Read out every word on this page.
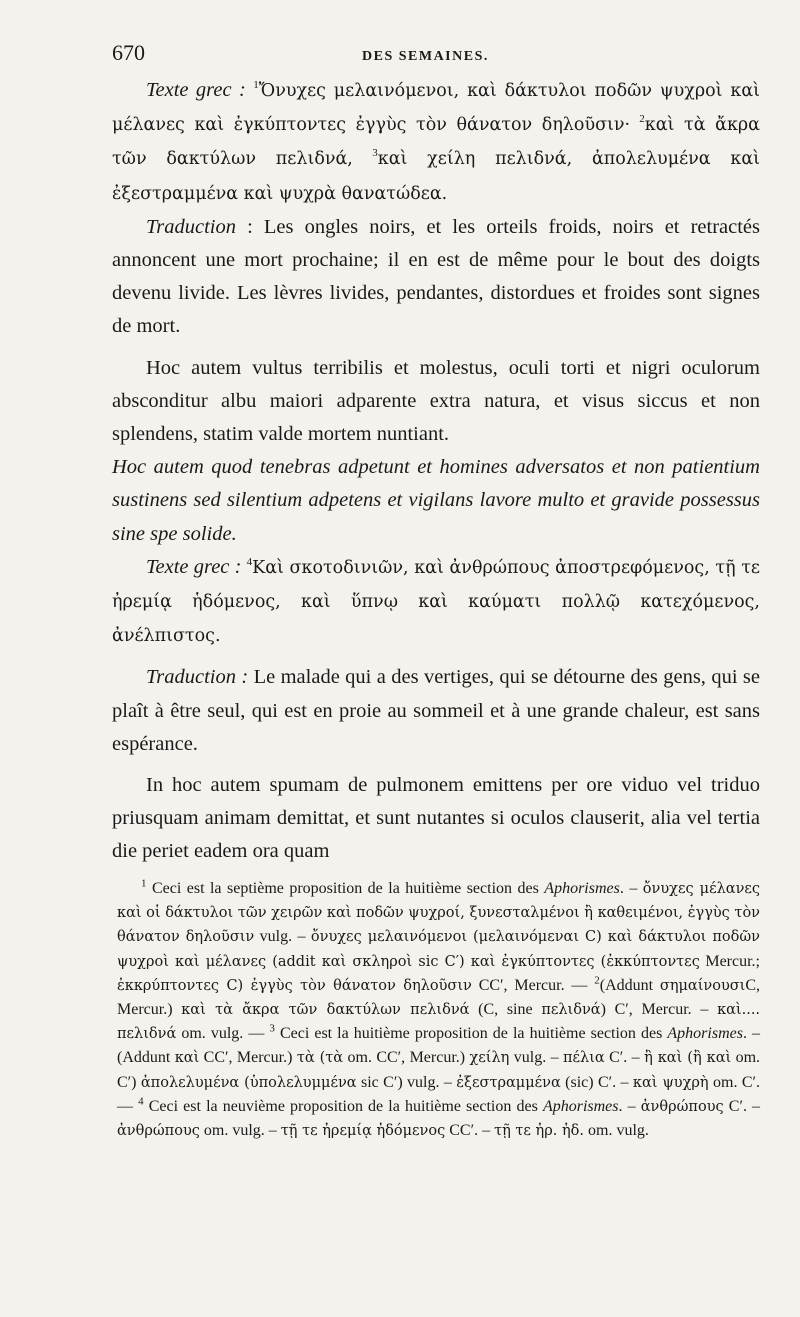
670	DES SEMAINES.

Texte grec : $^1$Ὄνυχες μελαινόμενοι, καὶ δάκτυλοι ποδῶν ψυχροὶ καὶ μέλανες καὶ ἐγκύπτοντες ἐγγὺς τὸν θάνατον δηλοῦσιν· $^2$καὶ τὰ ἄκρα τῶν δακτύλων πελιδνά, $^3$καὶ χείλη πελιδνά, ἀπολελυμένα καὶ ἐξεστραμμένα καὶ ψυχρὰ θανατώδεα.

Traduction : Les ongles noirs, et les orteils froids, noirs et retractés annoncent une mort prochaine; il en est de même pour le bout des doigts devenu livide. Les lèvres livides, pendantes, distordues et froides sont signes de mort.

Hoc autem vultus terribilis et molestus, oculi torti et nigri oculorum absconditur albu maiori adparente extra natura, et visus siccus et non splendens, statim valde mortem nuntiant.

Hoc autem quod tenebras adpetunt et homines adversatos et non patientium sustinens sed silentium adpetens et vigilans lavore multo et gravide possessus sine spe solide.

Texte grec : $^4$Καὶ σκοτοδινιῶν, καὶ ἀνθρώπους ἀποστρεφόμενος, τῇ τε ἠρεμίᾳ ἡδόμενος, καὶ ὕπνῳ καὶ καύματι πολλῷ κατεχόμενος, ἀνέλπιστος.

Traduction : Le malade qui a des vertiges, qui se détourne des gens, qui se plaît à être seul, qui est en proie au sommeil et à une grande chaleur, est sans espérance.

In hoc autem spumam de pulmonem emittens per ore viduo vel triduo priusquam animam demittat, et sunt nutantes si oculos clauserit, alia vel tertia die periet eadem ora quam

$^1$ Ceci est la septième proposition de la huitième section des Aphorismes. – ὄνυχες μέλανες καὶ οἱ δάκτυλοι τῶν χειρῶν καὶ ποδῶν ψυχροί, ξυνεσταλμένοι ἢ καθειμένοι, ἐγγὺς τὸν θάνατον δηλοῦσιν vulg. – ὄνυχες μελαινόμενοι (μελαινόμεναι C) καὶ δάκτυλοι ποδῶν ψυχροὶ καὶ μέλανες (addit καὶ σκληροὶ sic C′) καὶ ἐγκύπτοντες (ἐκκύπτοντες Mercur.; ἐκκρύπτοντες C) ἐγγὺς τὸν θάνατον δηλοῦσιν CC′, Mercur. — $^2$(Addunt σημαίνουσιC, Mercur.) καὶ τὰ ἄκρα τῶν δακτύλων πελιδνά (C, sine πελιδνά) C′, Mercur. – καὶ.... πελιδνά om. vulg. — $^3$ Ceci est la huitième proposition de la huitième section des Aphorismes. – (Addunt καὶ CC′, Mercur.) τὰ (τὰ om. CC′, Mercur.) χείλη vulg. – πέλια C′. – ἢ καὶ (ἢ καὶ om. C′) ἀπολελυμένα (ὑπολελυμμένα sic C′) vulg. – ἐξεστραμμένα (sic) C′. – καὶ ψυχρὴ om. C′. — $^4$ Ceci est la neuvième proposition de la huitième section des Aphorismes. – ἀνθρώπους C′. – ἀνθρώπους om. vulg. – τῇ τε ἠρεμίᾳ ἡδόμενος CC′. – τῇ τε ἠρ. ἡδ. om. vulg.
